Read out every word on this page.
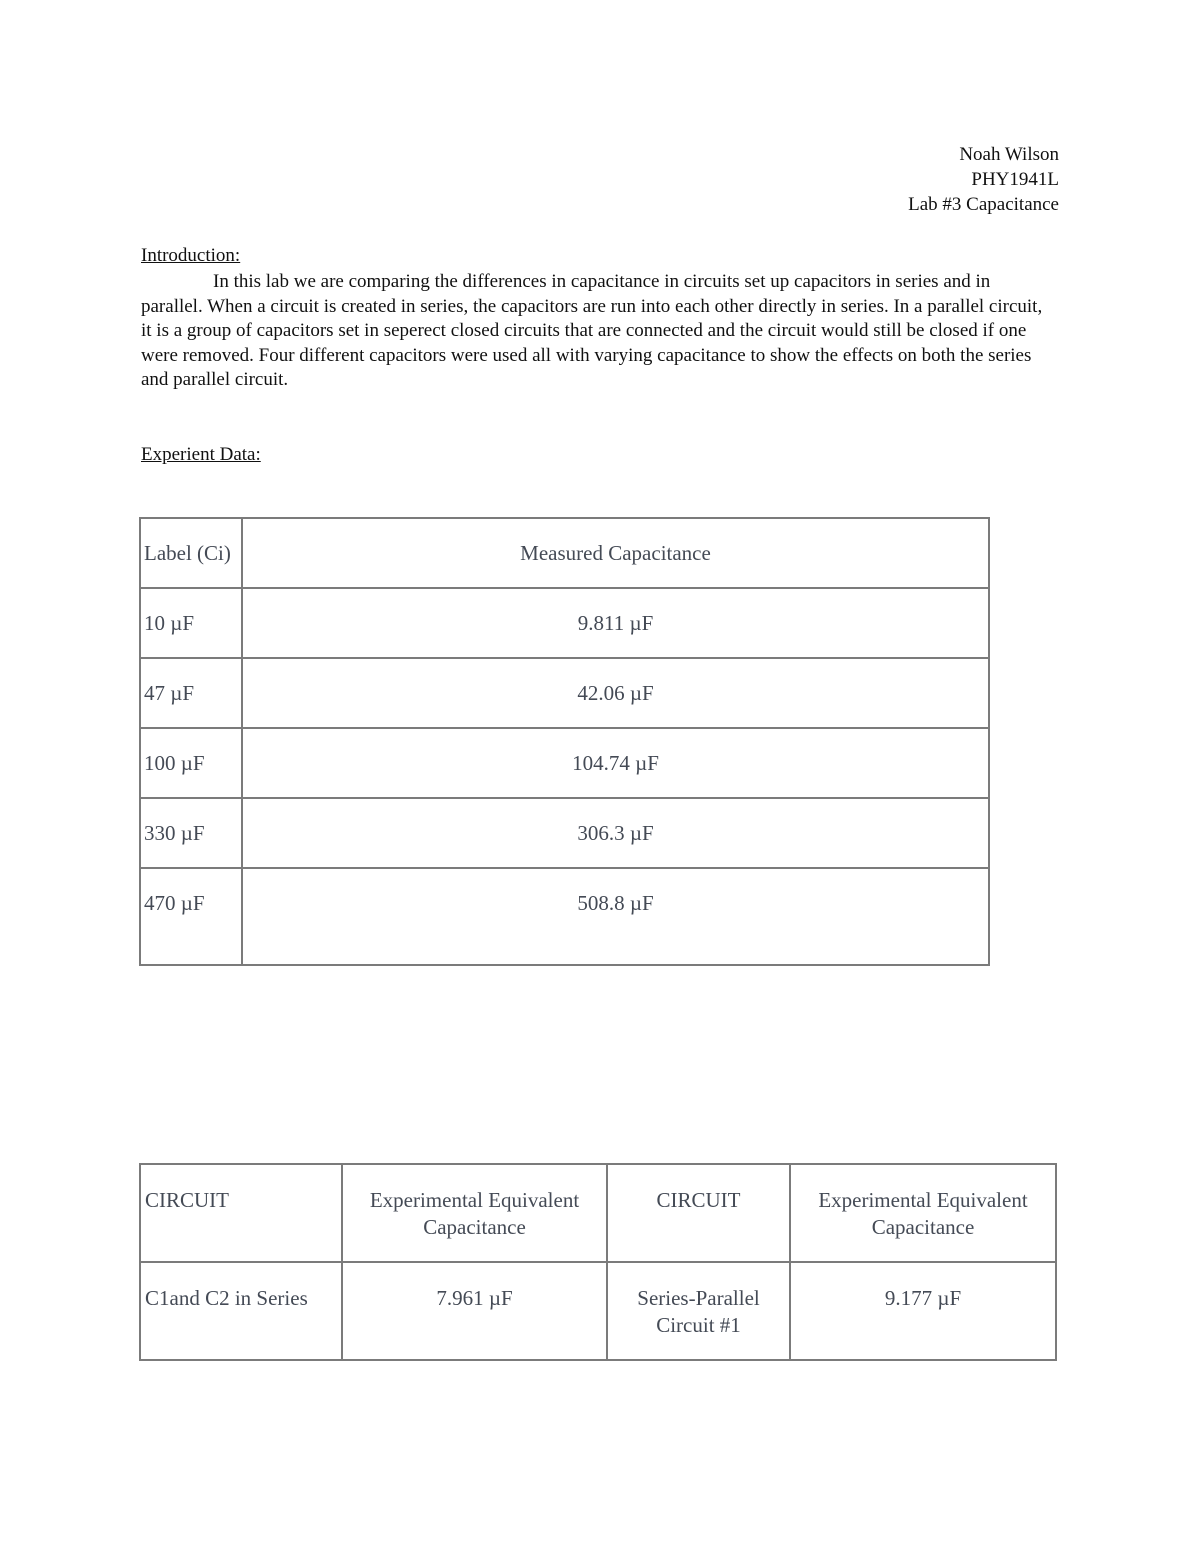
Noah Wilson
PHY1941L
Lab #3 Capacitance
Introduction:

In this lab we are comparing the differences in capacitance in circuits set up capacitors in series and in parallel. When a circuit is created in series, the capacitors are run into each other directly in series. In a parallel circuit, it is a group of capacitors set in seperect closed circuits that are connected and the circuit would still be closed if one were removed. Four different capacitors were used all with varying capacitance to show the effects on both the series and parallel circuit.

Experient Data:
Label (Ci)	Measured Capacitance

10 µF	9.811 µF

47 µF	42.06 µF

100 µF	104.74 µF

330 µF	306.3 µF

470 µF	508.8 µF
CIRCUIT	Experimental Equivalent Capacitance	CIRCUIT	Experimental Equivalent Capacitance

C1and C2 in Series	7.961 µF	Series-Parallel Circuit #1	9.177 µF
